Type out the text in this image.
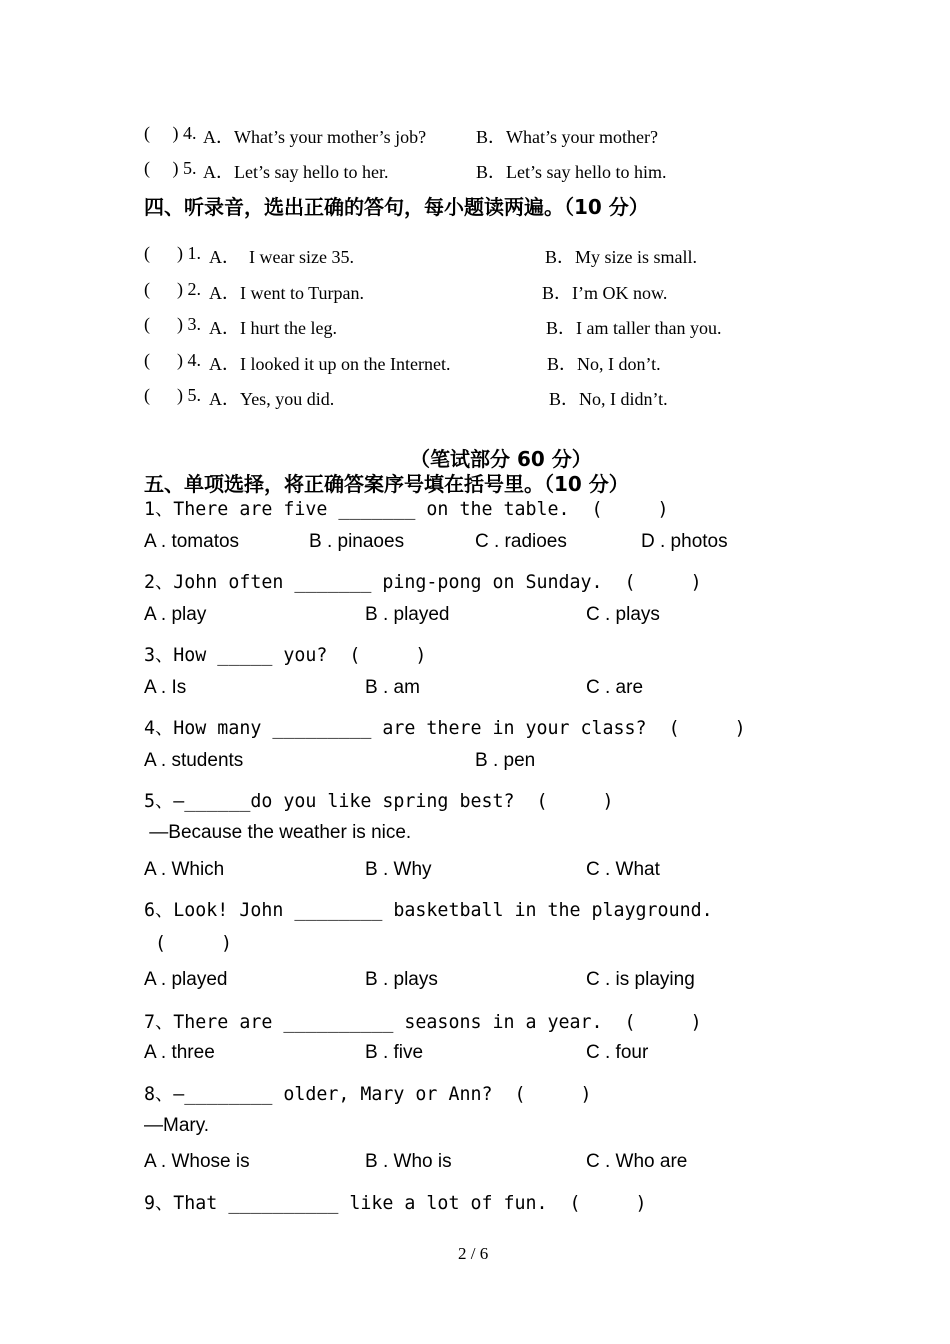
(     ) 4. A．What’s your mother’s job?	B．What’s your mother?
(     ) 5. A．Let’s say hello to her.	B．Let’s say hello to him.
四、听录音，选出正确的答句，每小题读两遍。（10 分）
(      ) 1. A．  I wear size 35.	B．My size is small.
(      ) 2. A．I went to Turpan.	B．I’m OK now.
(      ) 3. A．I hurt the leg.	B．I am taller than you.
(      ) 4. A．I looked it up on the Internet.	B．No, I don’t.
(      ) 5. A．Yes, you did.	B．No, I didn’t.
（笔试部分 60 分）
五、单项选择，将正确答案序号填在括号里。（10 分）
1、There are five _______ on the table.  (     )
A . tomatos	B . pinaoes	C . radioes	D . photos
2、John often _______ ping-pong on Sunday.  (     )
A . play	B . played	C . plays
3、How _____ you?  (     )
A . Is	B . am	C . are
4、How many _________ are there in your class?  (     )
A . students	B . pen
5、—______do you like spring best?  (     )
—Because the weather is nice.
A . Which	B . Why	C . What
6、Look! John ________ basketball in the playground.
(     )
A . played	B . plays	C . is playing
7、There are __________ seasons in a year.  (     )
A . three	B . five	C . four
8、—________ older, Mary or Ann?  (     )
—Mary.
A . Whose is	B . Who is	C . Who are
9、That __________ like a lot of fun.  (     )
2 / 6
